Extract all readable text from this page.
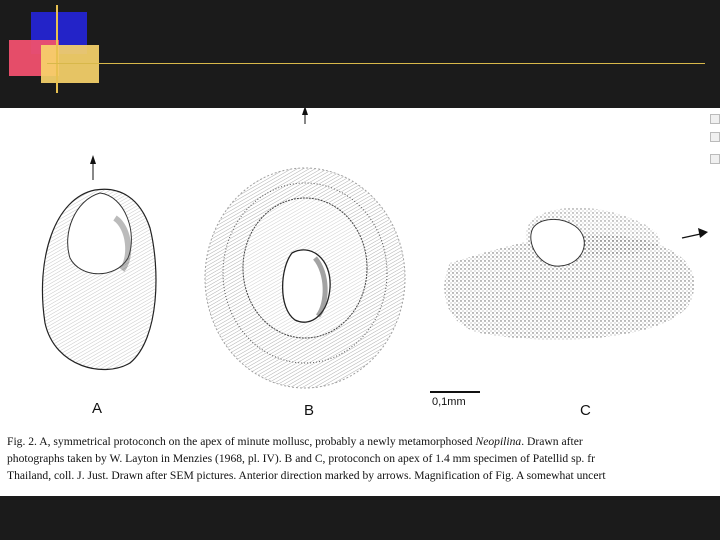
A	B	C
0,1mm
Fig. 2. A, symmetrical protoconch on the apex of minute mollusc, probably a newly metamorphosed Neopilina. Drawn after
photographs taken by W. Layton in Menzies (1968, pl. IV). B and C, protoconch on apex of 1.4 mm specimen of Patellid sp. fr
Thailand, coll. J. Just. Drawn after SEM pictures. Anterior direction marked by arrows. Magnification of Fig. A somewhat uncert
